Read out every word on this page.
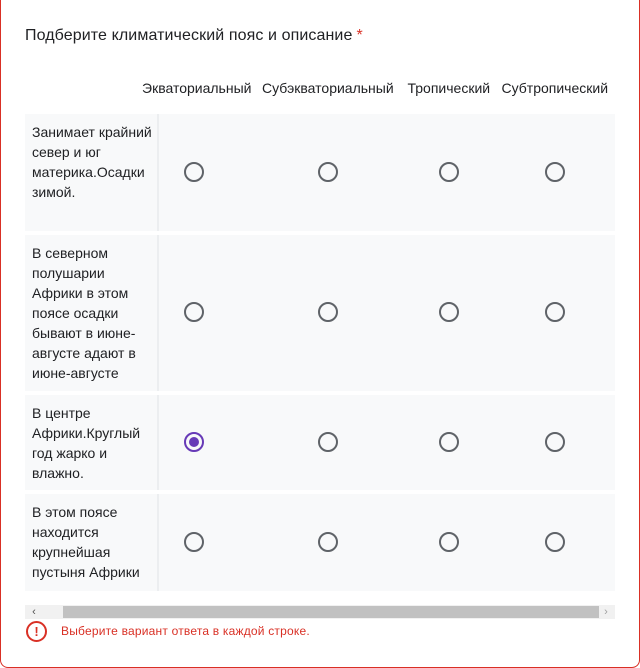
Подберите климатический пояс и описание *
Экваториальный Субэкваториальный Тропический Субтропический
Занимает крайний север и юг материка.Осадки зимой.
В северном полушарии Африки в этом поясе осадки бывают в июне-августе адают в июне-августе
В центре Африки.Круглый год жарко и влажно.
В этом поясе находится крупнейшая пустыня Африки
‹	›
!	Выберите вариант ответа в каждой строке.
